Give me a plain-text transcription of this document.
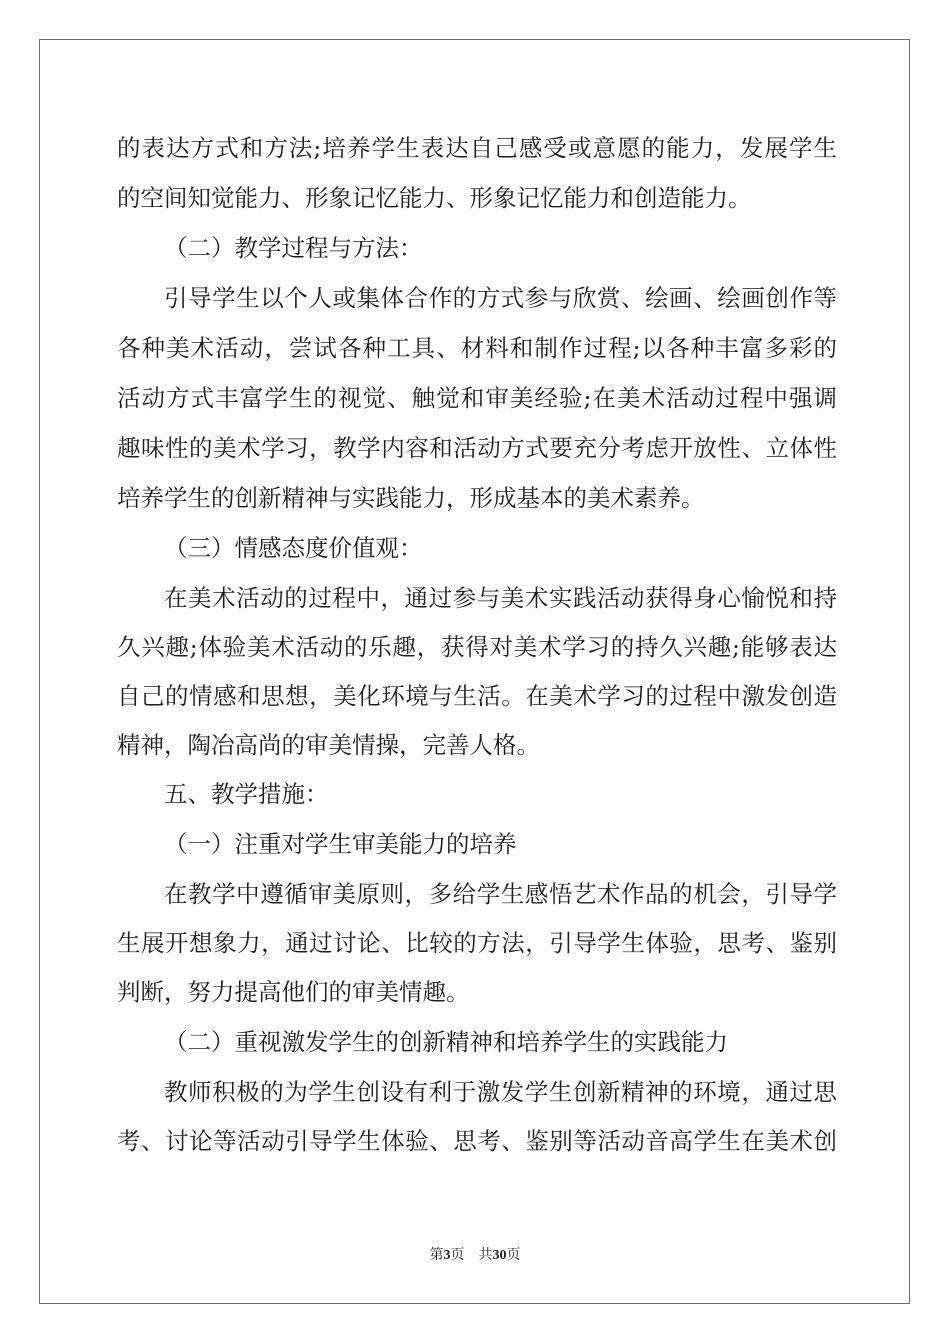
的表达方式和方法;培养学生表达自己感受或意愿的能力，发展学生
的空间知觉能力、形象记忆能力、形象记忆能力和创造能力。
（二）教学过程与方法：
引导学生以个人或集体合作的方式参与欣赏、绘画、绘画创作等
各种美术活动，尝试各种工具、材料和制作过程;以各种丰富多彩的
活动方式丰富学生的视觉、触觉和审美经验;在美术活动过程中强调
趣味性的美术学习，教学内容和活动方式要充分考虑开放性、立体性
培养学生的创新精神与实践能力，形成基本的美术素养。
（三）情感态度价值观：
在美术活动的过程中，通过参与美术实践活动获得身心愉悦和持
久兴趣;体验美术活动的乐趣，获得对美术学习的持久兴趣;能够表达
自己的情感和思想，美化环境与生活。在美术学习的过程中激发创造
精神，陶冶高尚的审美情操，完善人格。
五、教学措施：
（一）注重对学生审美能力的培养
在教学中遵循审美原则，多给学生感悟艺术作品的机会，引导学
生展开想象力，通过讨论、比较的方法，引导学生体验，思考、鉴别
判断，努力提高他们的审美情趣。
（二）重视激发学生的创新精神和培养学生的实践能力
教师积极的为学生创设有利于激发学生创新精神的环境，通过思
考、讨论等活动引导学生体验、思考、鉴别等活动音高学生在美术创
第3页　共30页
